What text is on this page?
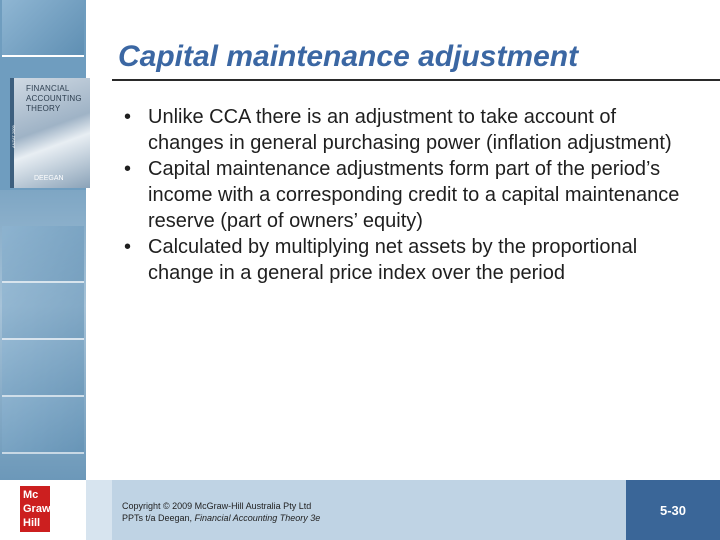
FINANCIAL
ACCOUNTING
THEORY
ANZAT 2009
DEEGAN
Capital maintenance adjustment
• Unlike CCA there is an adjustment to take account of changes in general purchasing power (inflation adjustment)
• Capital maintenance adjustments form part of the period’s income with a corresponding credit to a capital maintenance reserve (part of owners’ equity)
• Calculated by multiplying net assets by the proportional change in a general price index over the period
Mc
Graw
Hill
Copyright © 2009 McGraw-Hill Australia Pty Ltd
PPTs t/a Deegan, Financial Accounting Theory 3e
5-30
